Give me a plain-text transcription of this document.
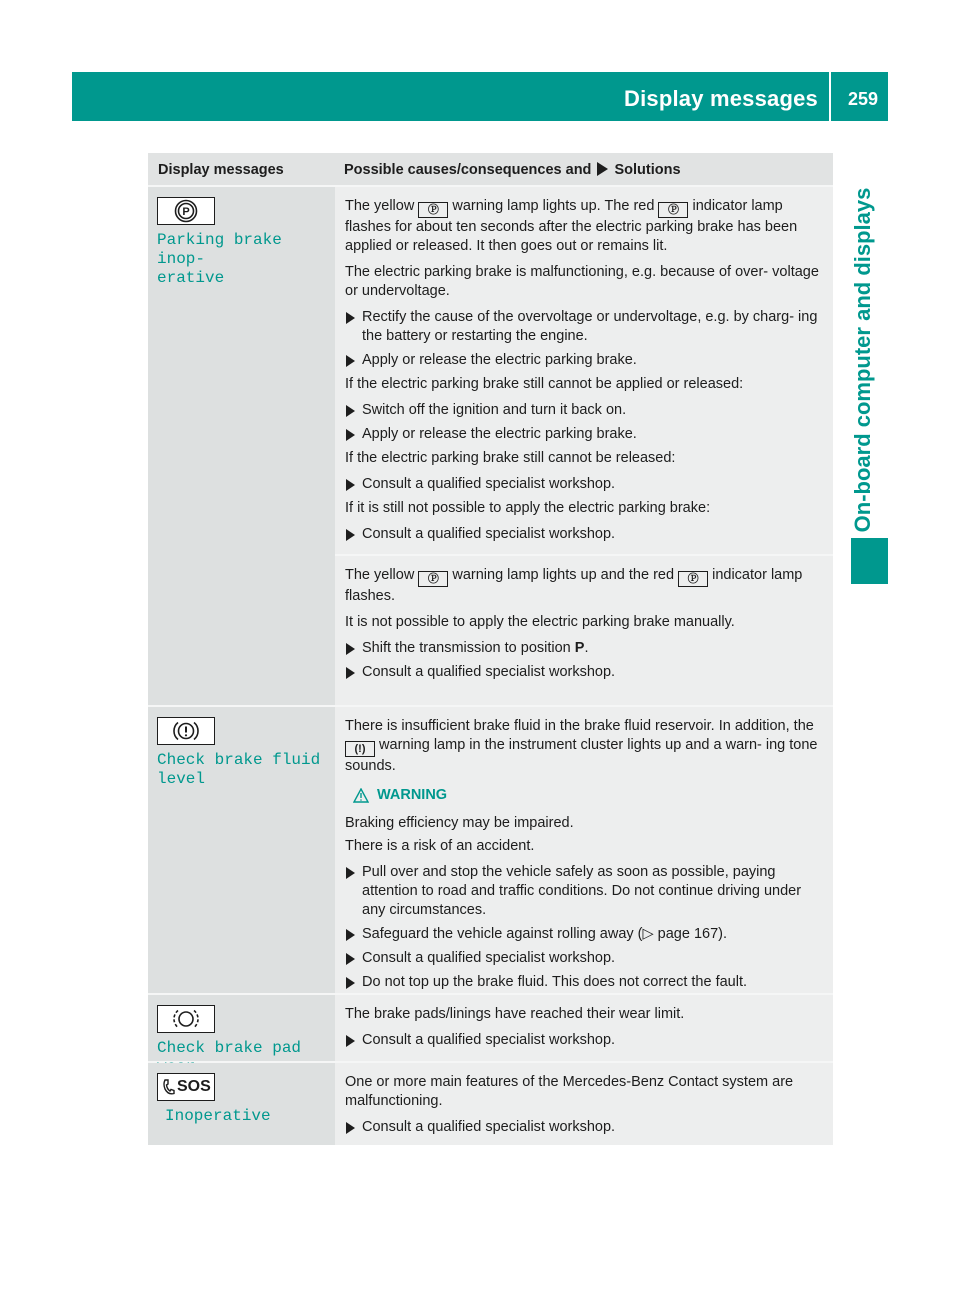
Display messages 259
On-board computer and displays
Display messages	Possible causes/consequences and Solutions
P
Parking brake inop‐
erative

The yellow Ⓟ warning lamp lights up. The red Ⓟ indicator lamp flashes for about ten seconds after the electric parking brake has been applied or released. It then goes out or remains lit.

The electric parking brake is malfunctioning, e.g. because of over- voltage or undervoltage.

Rectify the cause of the overvoltage or undervoltage, e.g. by charg- ing the battery or restarting the engine.
Apply or release the electric parking brake.

If the electric parking brake still cannot be applied or released:

Switch off the ignition and turn it back on.
Apply or release the electric parking brake.

If the electric parking brake still cannot be released:

Consult a qualified specialist workshop.

If it is still not possible to apply the electric parking brake:

Consult a qualified specialist workshop.

The yellow Ⓟ warning lamp lights up and the red Ⓟ indicator lamp flashes.

It is not possible to apply the electric parking brake manually.

Shift the transmission to position P.
Consult a qualified specialist workshop.
Check brake fluid
level

There is insufficient brake fluid in the brake fluid reservoir. In addition, the (!) warning lamp in the instrument cluster lights up and a warn- ing tone sounds.

WARNING

Braking efficiency may be impaired.

There is a risk of an accident.

Pull over and stop the vehicle safely as soon as possible, paying attention to road and traffic conditions. Do not continue driving under any circumstances.
Safeguard the vehicle against rolling away (▷ page 167).
Consult a qualified specialist workshop.
Do not top up the brake fluid. This does not correct the fault.
Check brake pad

The brake pads/linings have reached their wear limit.

Consult a qualified specialist workshop.
SOS
Inoperative

One or more main features of the Mercedes-Benz Contact system are malfunctioning.

Consult a qualified specialist workshop.
